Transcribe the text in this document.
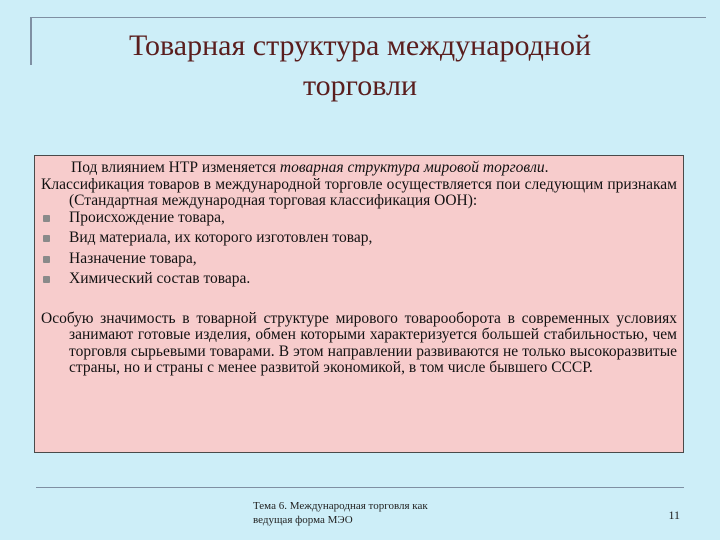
Товарная структура международной
торговли

Под влиянием НТР изменяется товарная структура мировой торговли.

Классификация товаров в международной торговле осуществляется пои следующим признакам (Стандартная международная торговая классификация ООН):

Происхождение товара,
Вид материала, их которого изготовлен товар,
Назначение товара,
Химический состав товара.

Особую значимость в товарной структуре мирового товарооборота в современных условиях занимают готовые изделия, обмен которыми характеризуется большей стабильностью, чем торговля сырьевыми товарами. В этом направлении развиваются не только высокоразвитые страны, но и страны с менее развитой экономикой, в том числе бывшего СССР.

Тема 6. Международная торговля как
ведущая форма МЭО	11
